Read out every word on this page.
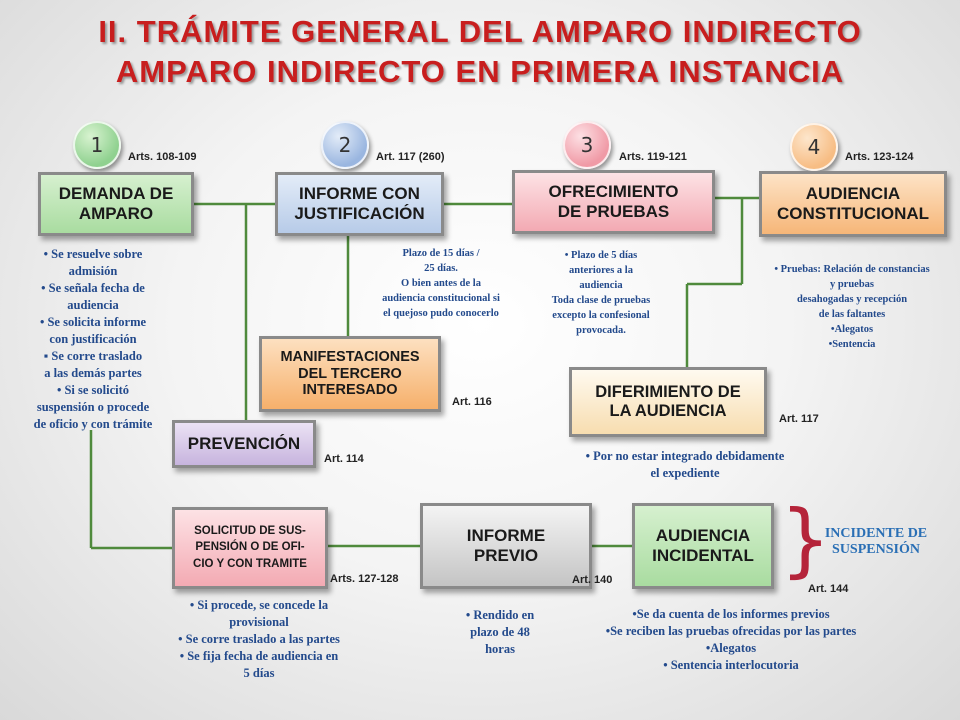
II. TRÁMITE GENERAL DEL AMPARO INDIRECTO
AMPARO INDIRECTO EN PRIMERA INSTANCIA
1	2	3	4
Arts. 108-109	Art. 117 (260)	Arts. 119-121	Arts. 123-124
DEMANDA DE
AMPARO
INFORME CON
JUSTIFICACIÓN
OFRECIMIENTO
DE PRUEBAS
AUDIENCIA
CONSTITUCIONAL
• Se resuelve sobre
admisión
• Se señala fecha de
audiencia
• Se solicita informe
con justificación
▪ Se corre traslado
a las demás partes
• Si se solicitó
suspensión o procede
de oficio y con trámite
Plazo de 15 días /
25 días.
O bien antes de la
audiencia constitucional si
el quejoso pudo conocerlo
• Plazo de 5 días
anteriores a la
audiencia
Toda clase de pruebas
excepto la confesional
provocada.
• Pruebas: Relación de constancias
y pruebas
desahogadas y recepción
de las faltantes
•Alegatos
•Sentencia
MANIFESTACIONES
DEL TERCERO
INTERESADO
Art. 116
DIFERIMIENTO DE
LA AUDIENCIA	Art. 117
• Por no estar integrado debidamente
el expediente
PREVENCIÓN
Art. 114
SOLICITUD DE SUS-
PENSIÓN O DE OFI-
CIO Y CON TRAMITE
Arts. 127-128
INFORME
PREVIO
Art. 140
AUDIENCIA
INCIDENTAL
Art. 144
}
INCIDENTE DE
SUSPENSIÓN
• Si procede, se concede la
provisional
• Se corre traslado a las partes
• Se fija fecha de audiencia en
5 días
• Rendido en
plazo de 48
horas
•Se da cuenta de los informes previos
•Se reciben las pruebas ofrecidas por las partes
•Alegatos
• Sentencia interlocutoria
